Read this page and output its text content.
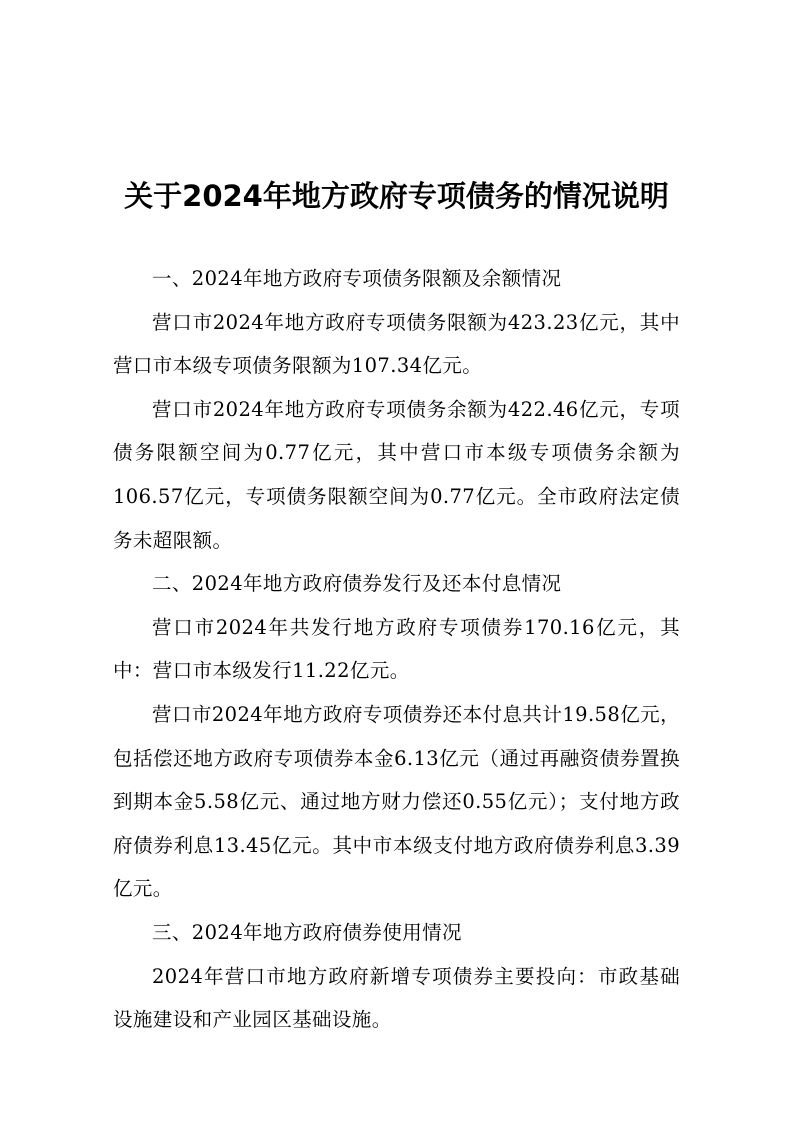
关于2024年地方政府专项债务的情况说明

一、2024年地方政府专项债务限额及余额情况

营口市2024年地方政府专项债务限额为423.23亿元，其中营口市本级专项债务限额为107.34亿元。

营口市2024年地方政府专项债务余额为422.46亿元，专项债务限额空间为0.77亿元，其中营口市本级专项债务余额为106.57亿元，专项债务限额空间为0.77亿元。全市政府法定债务未超限额。

二、2024年地方政府债券发行及还本付息情况

营口市2024年共发行地方政府专项债券170.16亿元，其中：营口市本级发行11.22亿元。

营口市2024年地方政府专项债券还本付息共计19.58亿元，包括偿还地方政府专项债券本金6.13亿元（通过再融资债券置换到期本金5.58亿元、通过地方财力偿还0.55亿元）；支付地方政府债券利息13.45亿元。其中市本级支付地方政府债券利息3.39亿元。

三、2024年地方政府债券使用情况

2024年营口市地方政府新增专项债券主要投向：市政基础设施建设和产业园区基础设施。
